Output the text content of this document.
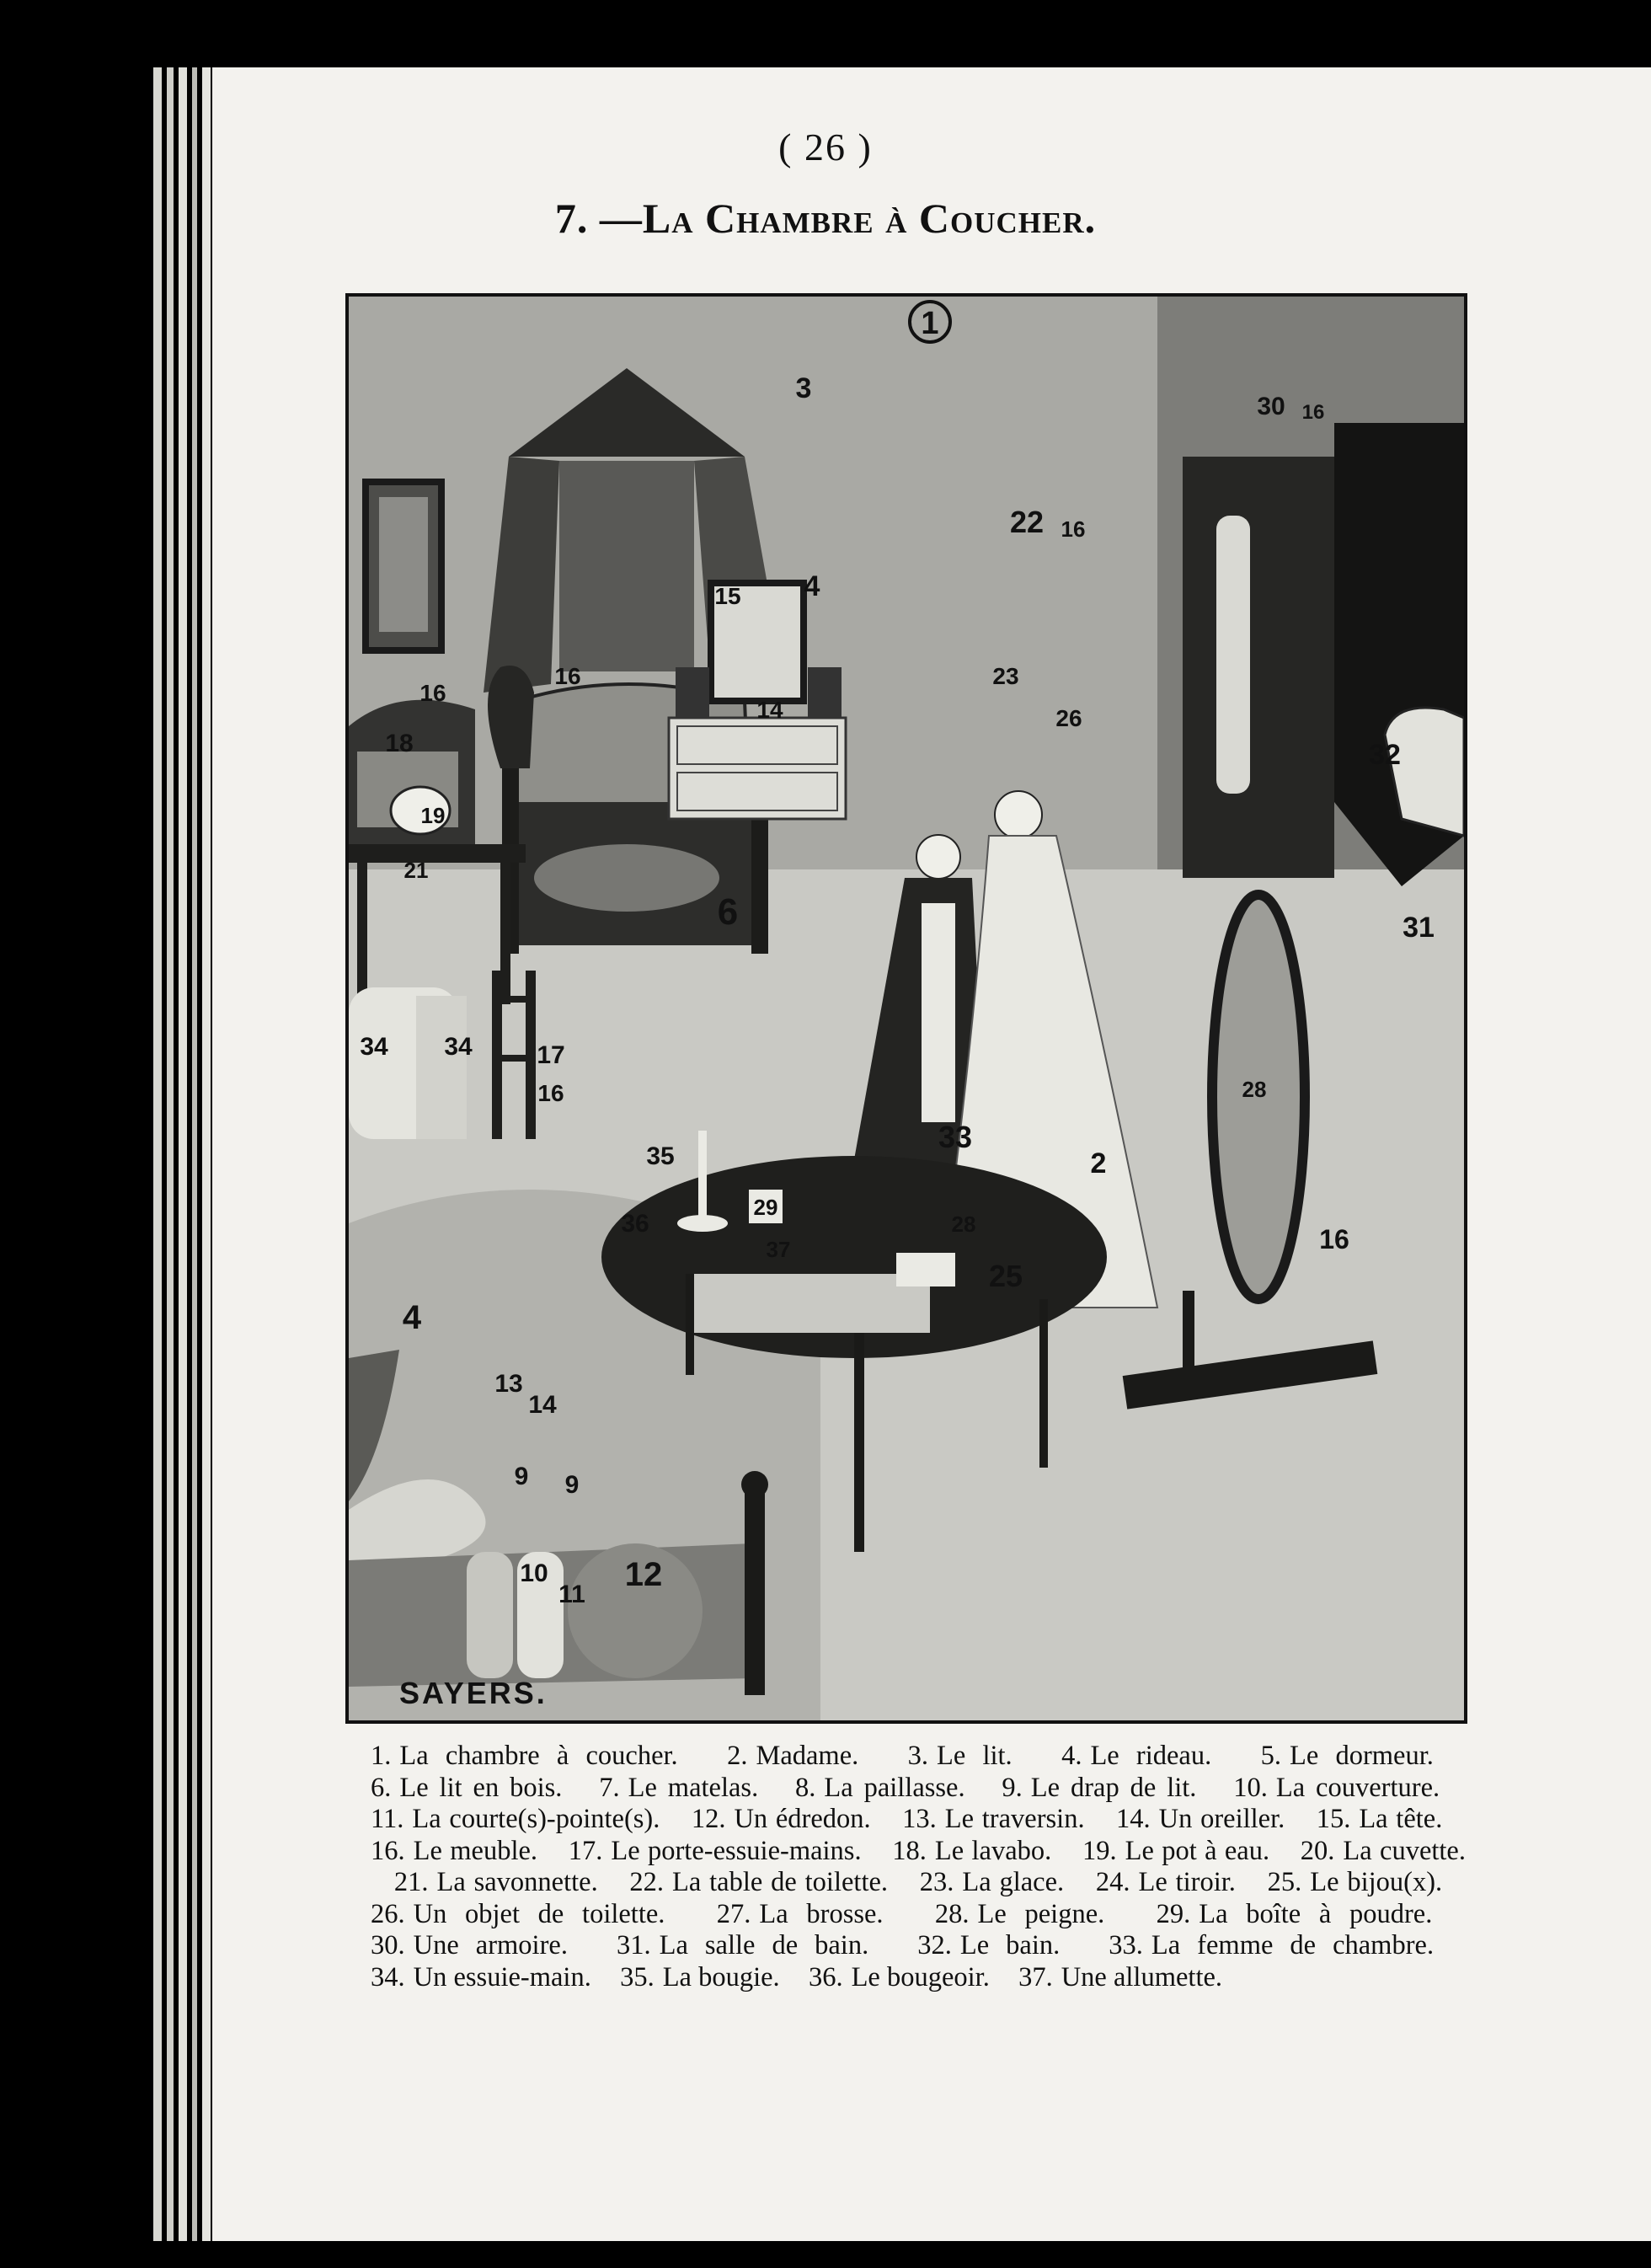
( 26 )
7. —La Chambre à Coucher.
1
3
4
15
14
6
16
16
18
19
21
22 16
23
26
30 16
32
31
34 34	17
16
35
36
29
37
33
2
28
25
28
16
4
13
14
9 9
10
11
12
SAYERS.
1. La chambre à coucher. 2. Madame. 3. Le lit. 4. Le rideau. 5. Le dormeur.  6. Le lit en bois. 7. Le matelas. 8. La paillasse. 9. Le drap de lit. 10. La couverture.  11. La courte(s)-pointe(s). 12. Un édredon. 13. Le traversin. 14. Un oreiller. 15. La tête.  16. Le meuble. 17. Le porte-essuie-mains. 18. Le lavabo. 19. Le pot à eau. 20. La cuvette.  21. La savonnette. 22. La table de toilette. 23. La glace. 24. Le tiroir. 25. Le bijou(x).  26. Un objet de toilette. 27. La brosse. 28. Le peigne. 29. La boîte à poudre.  30. Une armoire. 31. La salle de bain. 32. Le bain. 33. La femme de chambre.  34. Un essuie-main. 35. La bougie. 36. Le bougeoir. 37. Une allumette.
